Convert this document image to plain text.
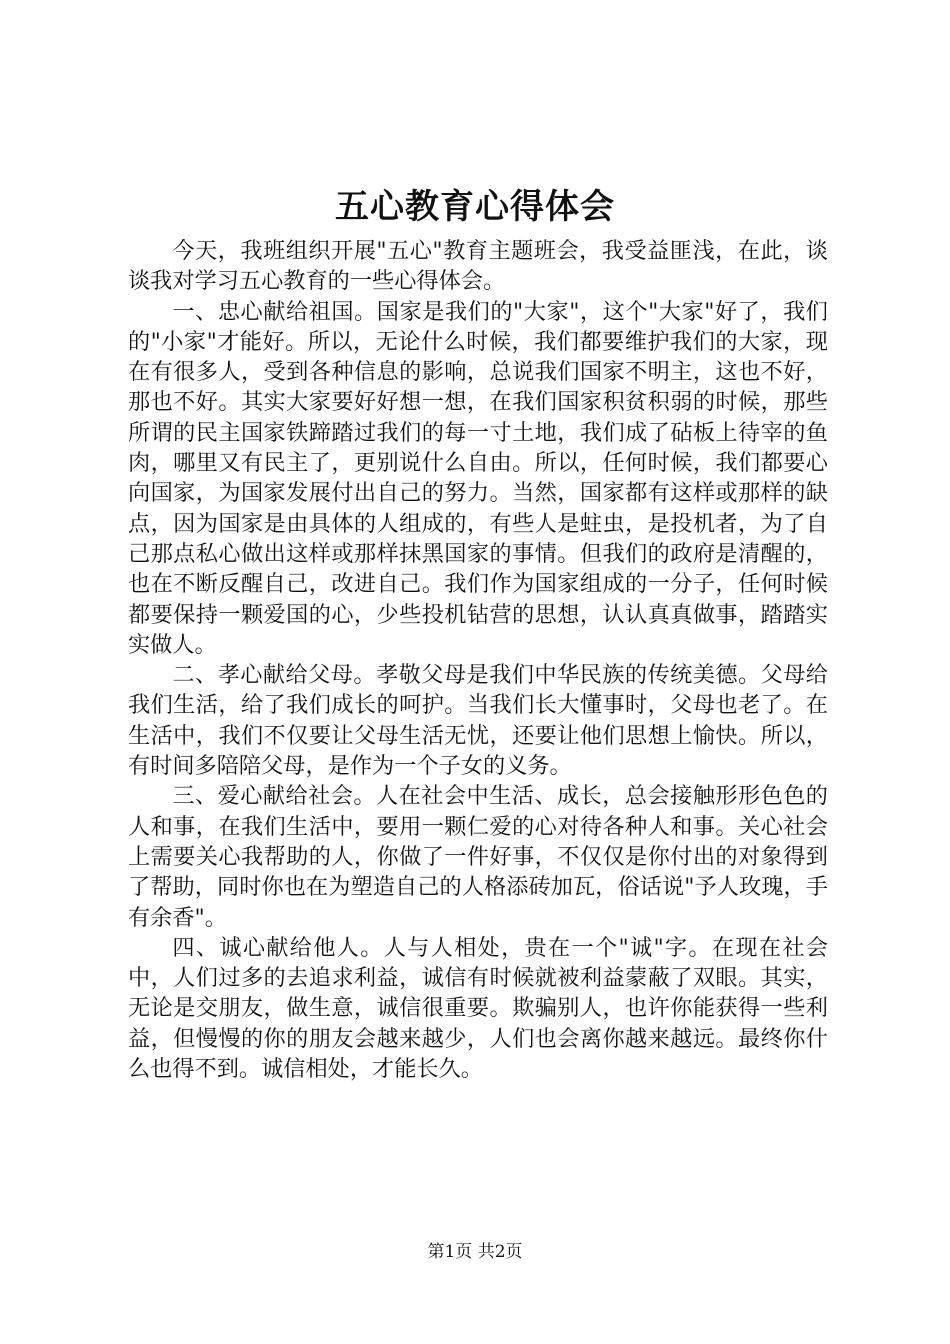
五心教育心得体会

今天，我班组织开展"五心"教育主题班会，我受益匪浅，在此，谈谈我对学习五心教育的一些心得体会。

一、忠心献给祖国。国家是我们的"大家"，这个"大家"好了，我们的"小家"才能好。所以，无论什么时候，我们都要维护我们的大家，现在有很多人，受到各种信息的影响，总说我们国家不明主，这也不好，那也不好。其实大家要好好想一想，在我们国家积贫积弱的时候，那些所谓的民主国家铁蹄踏过我们的每一寸土地，我们成了砧板上待宰的鱼肉，哪里又有民主了，更别说什么自由。所以，任何时候，我们都要心向国家，为国家发展付出自己的努力。当然，国家都有这样或那样的缺点，因为国家是由具体的人组成的，有些人是蛀虫，是投机者，为了自己那点私心做出这样或那样抹黑国家的事情。但我们的政府是清醒的，也在不断反醒自己，改进自己。我们作为国家组成的一分子，任何时候都要保持一颗爱国的心，少些投机钻营的思想，认认真真做事，踏踏实实做人。

二、孝心献给父母。孝敬父母是我们中华民族的传统美德。父母给我们生活，给了我们成长的呵护。当我们长大懂事时，父母也老了。在生活中，我们不仅要让父母生活无忧，还要让他们思想上愉快。所以，有时间多陪陪父母，是作为一个子女的义务。

三、爱心献给社会。人在社会中生活、成长，总会接触形形色色的人和事，在我们生活中，要用一颗仁爱的心对待各种人和事。关心社会上需要关心我帮助的人，你做了一件好事，不仅仅是你付出的对象得到了帮助，同时你也在为塑造自己的人格添砖加瓦，俗话说"予人玫瑰，手有余香"。

四、诚心献给他人。人与人相处，贵在一个"诚"字。在现在社会中，人们过多的去追求利益，诚信有时候就被利益蒙蔽了双眼。其实，无论是交朋友，做生意，诚信很重要。欺骗别人，也许你能获得一些利益，但慢慢的你的朋友会越来越少，人们也会离你越来越远。最终你什么也得不到。诚信相处，才能长久。

第1页 共2页
